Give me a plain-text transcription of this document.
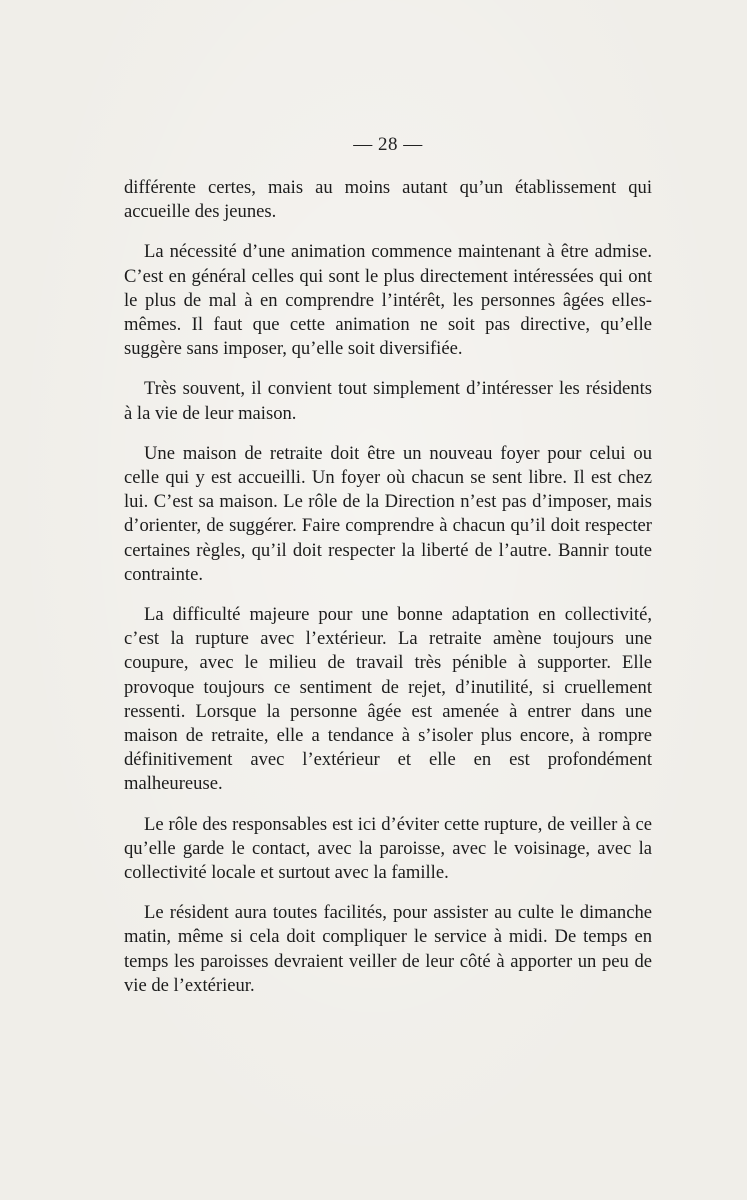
— 28 —

différente certes, mais au moins autant qu’un établissement qui accueille des jeunes.

La nécessité d’une animation commence maintenant à être admise. C’est en général celles qui sont le plus directement intéressées qui ont le plus de mal à en comprendre l’intérêt, les personnes âgées elles-mêmes. Il faut que cette animation ne soit pas directive, qu’elle suggère sans imposer, qu’elle soit diversifiée.

Très souvent, il convient tout simplement d’intéresser les résidents à la vie de leur maison.

Une maison de retraite doit être un nouveau foyer pour celui ou celle qui y est accueilli. Un foyer où chacun se sent libre. Il est chez lui. C’est sa maison. Le rôle de la Direction n’est pas d’imposer, mais d’orienter, de suggérer. Faire comprendre à chacun qu’il doit respecter certaines règles, qu’il doit respecter la liberté de l’autre. Bannir toute contrainte.

La difficulté majeure pour une bonne adaptation en collectivité, c’est la rupture avec l’extérieur. La retraite amène toujours une coupure, avec le milieu de travail très pénible à supporter. Elle provoque toujours ce sentiment de rejet, d’inutilité, si cruellement ressenti. Lorsque la personne âgée est amenée à entrer dans une maison de retraite, elle a tendance à s’isoler plus encore, à rompre définitivement avec l’extérieur et elle en est profondément malheureuse.

Le rôle des responsables est ici d’éviter cette rupture, de veiller à ce qu’elle garde le contact, avec la paroisse, avec le voisinage, avec la collectivité locale et surtout avec la famille.

Le résident aura toutes facilités, pour assister au culte le dimanche matin, même si cela doit compliquer le service à midi. De temps en temps les paroisses devraient veiller de leur côté à apporter un peu de vie de l’extérieur.
